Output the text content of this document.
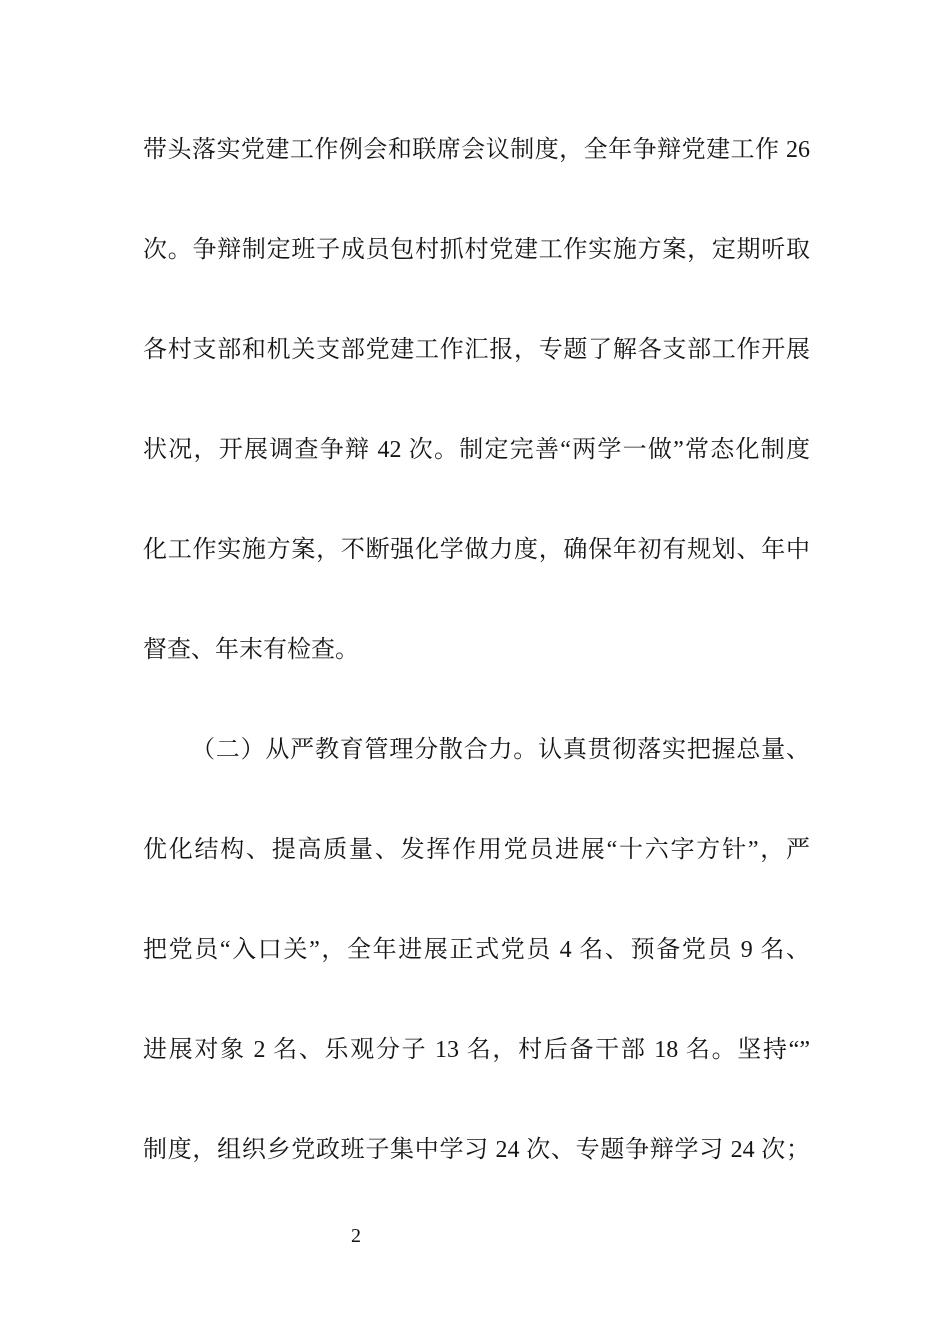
带头落实党建工作例会和联席会议制度，全年争辩党建工作 26
次。争辩制定班子成员包村抓村党建工作实施方案，定期听取
各村支部和机关支部党建工作汇报，专题了解各支部工作开展
状况，开展调查争辩 42 次。制定完善“两学一做”常态化制度
化工作实施方案，不断强化学做力度，确保年初有规划、年中
督查、年末有检查。
（二）从严教育管理分散合力。认真贯彻落实把握总量、
优化结构、提高质量、发挥作用党员进展“十六字方针”，严
把党员“入口关”，全年进展正式党员 4 名、预备党员 9 名、
进展对象 2 名、乐观分子 13 名，村后备干部 18 名。坚持“”
制度，组织乡党政班子集中学习 24 次、专题争辩学习 24 次；
2
